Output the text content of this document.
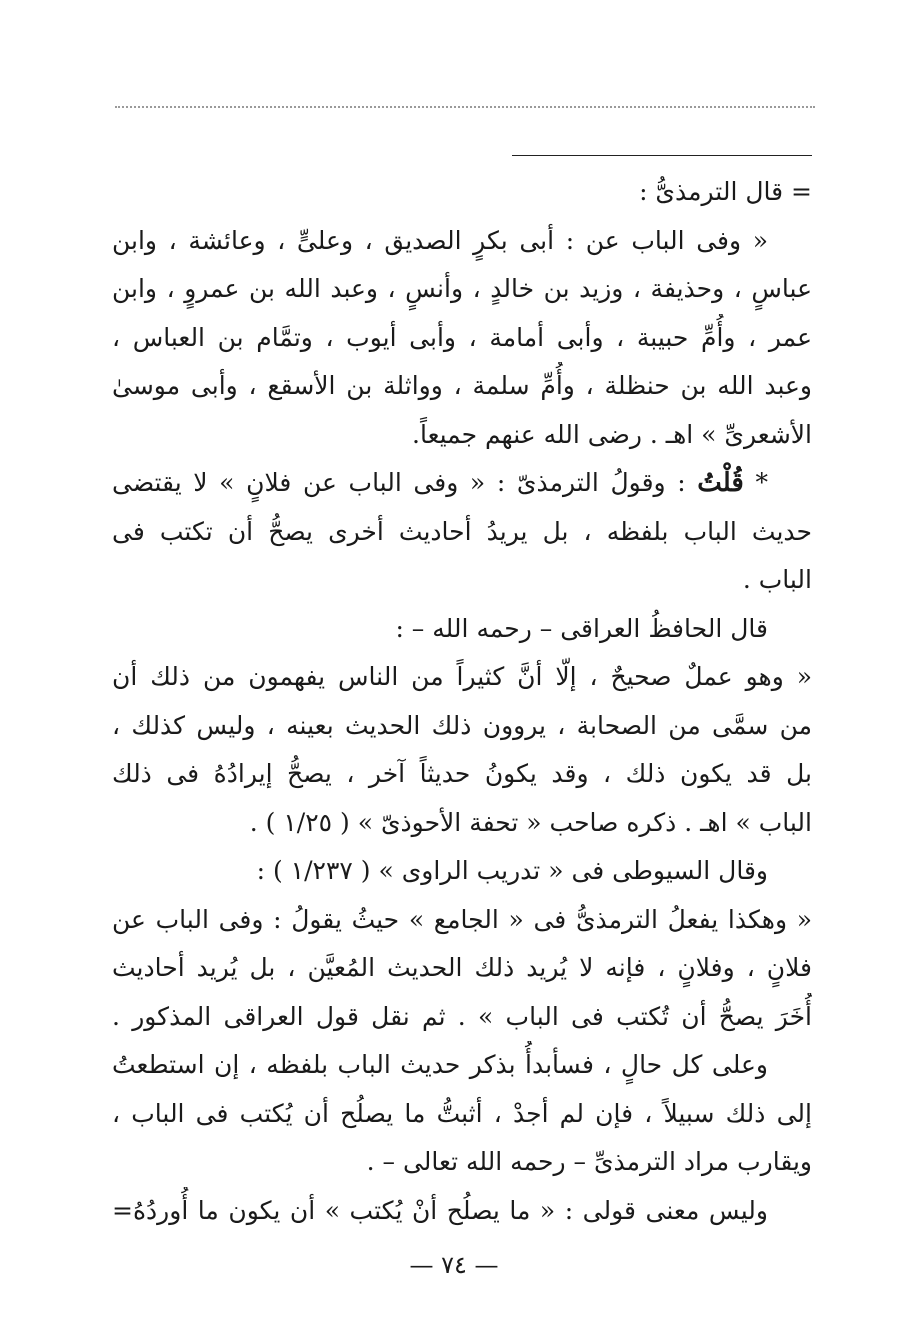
= قال الترمذىُّ :
« وفى الباب عن : أبى بكرٍ الصديق ، وعلىٍّ ، وعائشة ، وابن
عباسٍ ، وحذيفة ، وزيد بن خالدٍ ، وأنسٍ ، وعبد الله بن عمروٍ ، وابن
عمر ، وأُمِّ حبيبة ، وأبى أمامة ، وأبى أيوب ، وتمَّام بن العباس ،
وعبد الله بن حنظلة ، وأُمِّ سلمة ، وواثلة بن الأسقع ، وأبى موسىٰ
الأشعرىِّ » اهـ . رضى الله عنهم جميعاً.
* قُلْتُ : وقولُ الترمذىّ : « وفى الباب عن فلانٍ » لا يقتضى
حديث الباب بلفظه ، بل يريدُ أحاديث أخرى يصحُّ أن تكتب فى
الباب .
قال الحافظُ العراقى – رحمه الله – :
« وهو عملٌ صحيحٌ ، إلّا أنَّ كثيراً من الناس يفهمون من ذلك أن
من سمَّى من الصحابة ، يروون ذلك الحديث بعينه ، وليس كذلك ،
بل قد يكون ذلك ، وقد يكونُ حديثاً آخر ، يصحُّ إيرادُهُ فى ذلك
الباب » اهـ . ذكره صاحب « تحفة الأحوذىّ » ( ١/٢٥ ) .
وقال السيوطى فى « تدريب الراوى » ( ١/٢٣٧ ) :
« وهكذا يفعلُ الترمذىُّ فى « الجامع » حيثُ يقولُ : وفى الباب عن
فلانٍ ، وفلانٍ ، فإنه لا يُريد ذلك الحديث المُعيَّن ، بل يُريد أحاديث
أُخَرَ يصحُّ أن تُكتب فى الباب » . ثم نقل قول العراقى المذكور .
وعلى كل حالٍ ، فسأبدأُ بذكر حديث الباب بلفظه ، إن استطعتُ
إلى ذلك سبيلاً ، فإن لم أجدْ ، أثبتُّ ما يصلُح أن يُكتب فى الباب ،
ويقارب مراد الترمذىِّ – رحمه الله تعالى – .
وليس معنى قولى : « ما يصلُح أنْ يُكتب » أن يكون ما أُوردُهُ=
— ٧٤ —
